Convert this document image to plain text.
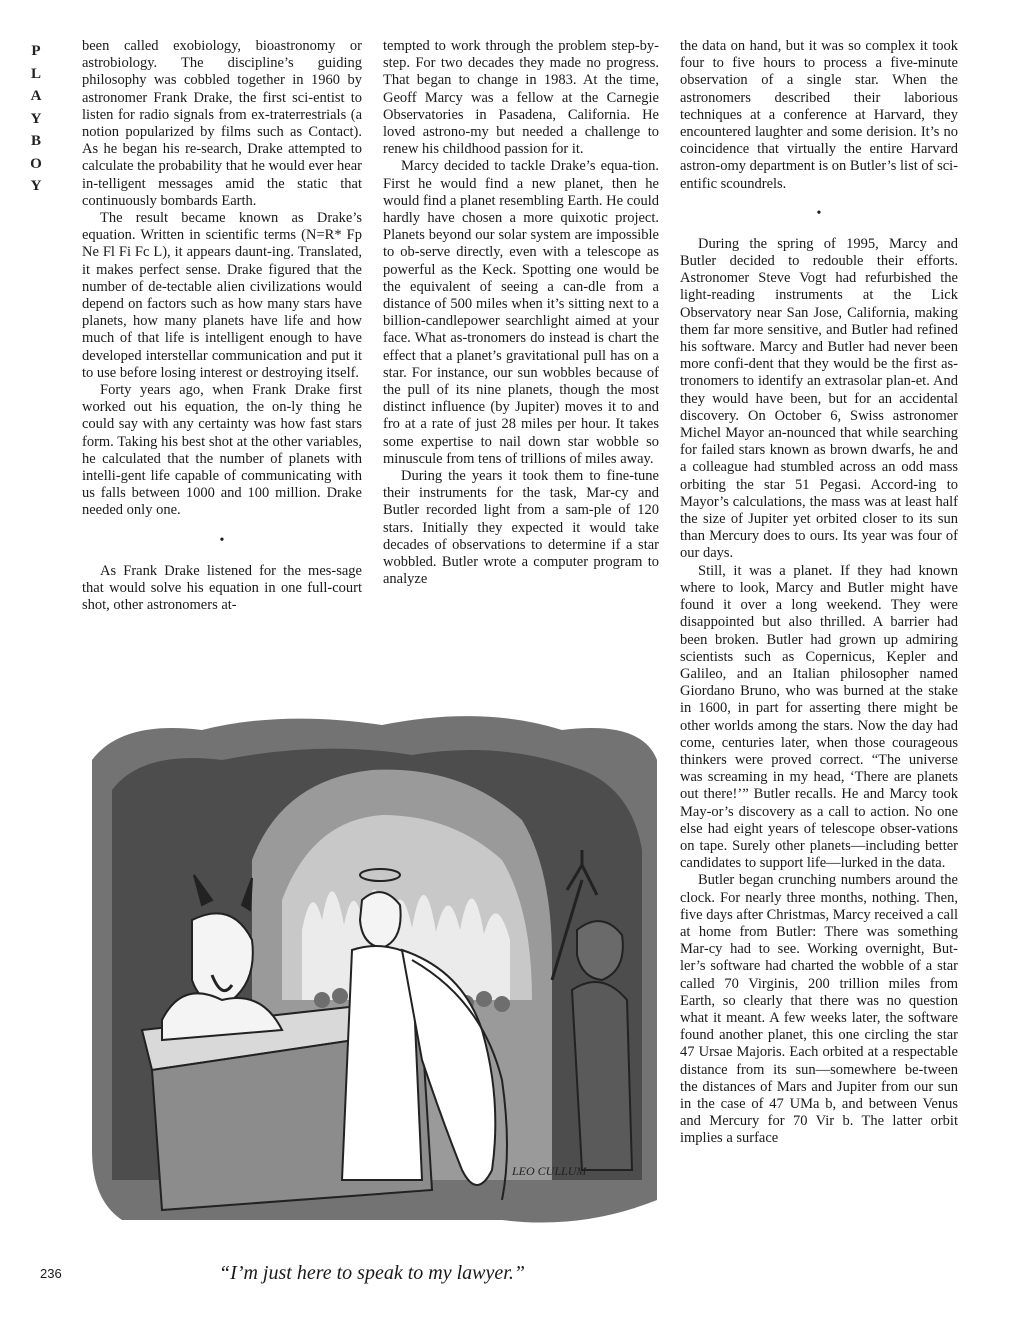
P
L
A
Y
B
O
Y

been called exobiology, bioastronomy or astrobiology. The discipline’s guiding philosophy was cobbled together in 1960 by astronomer Frank Drake, the first sci-entist to listen for radio signals from ex-traterrestrials (a notion popularized by films such as Contact). As he began his re-search, Drake attempted to calculate the probability that he would ever hear in-telligent messages amid the static that continuously bombards Earth.

The result became known as Drake’s equation. Written in scientific terms (N=R* Fp Ne Fl Fi Fc L), it appears daunt-ing. Translated, it makes perfect sense. Drake figured that the number of de-tectable alien civilizations would depend on factors such as how many stars have planets, how many planets have life and how much of that life is intelligent enough to have developed interstellar communication and put it to use before losing interest or destroying itself.

Forty years ago, when Frank Drake first worked out his equation, the on-ly thing he could say with any certainty was how fast stars form. Taking his best shot at the other variables, he calculated that the number of planets with intelli-gent life capable of communicating with us falls between 1000 and 100 million. Drake needed only one.

•

As Frank Drake listened for the mes-sage that would solve his equation in one full-court shot, other astronomers at-

tempted to work through the problem step-by-step. For two decades they made no progress. That began to change in 1983. At the time, Geoff Marcy was a fellow at the Carnegie Observatories in Pasadena, California. He loved astrono-my but needed a challenge to renew his childhood passion for it.

Marcy decided to tackle Drake’s equa-tion. First he would find a new planet, then he would find a planet resembling Earth. He could hardly have chosen a more quixotic project. Planets beyond our solar system are impossible to ob-serve directly, even with a telescope as powerful as the Keck. Spotting one would be the equivalent of seeing a can-dle from a distance of 500 miles when it’s sitting next to a billion-candlepower searchlight aimed at your face. What as-tronomers do instead is chart the effect that a planet’s gravitational pull has on a star. For instance, our sun wobbles because of the pull of its nine planets, though the most distinct influence (by Jupiter) moves it to and fro at a rate of just 28 miles per hour. It takes some expertise to nail down star wobble so minuscule from tens of trillions of miles away.

During the years it took them to fine-tune their instruments for the task, Mar-cy and Butler recorded light from a sam-ple of 120 stars. Initially they expected it would take decades of observations to determine if a star wobbled. Butler wrote a computer program to analyze

the data on hand, but it was so complex it took four to five hours to process a five-minute observation of a single star. When the astronomers described their laborious techniques at a conference at Harvard, they encountered laughter and some derision. It’s no coincidence that virtually the entire Harvard astron-omy department is on Butler’s list of sci-entific scoundrels.

•

During the spring of 1995, Marcy and Butler decided to redouble their efforts. Astronomer Steve Vogt had refurbished the light-reading instruments at the Lick Observatory near San Jose, California, making them far more sensitive, and Butler had refined his software. Marcy and Butler had never been more confi-dent that they would be the first as-tronomers to identify an extrasolar plan-et. And they would have been, but for an accidental discovery. On October 6, Swiss astronomer Michel Mayor an-nounced that while searching for failed stars known as brown dwarfs, he and a colleague had stumbled across an odd mass orbiting the star 51 Pegasi. Accord-ing to Mayor’s calculations, the mass was at least half the size of Jupiter yet orbited closer to its sun than Mercury does to ours. Its year was four of our days.

Still, it was a planet. If they had known where to look, Marcy and Butler might have found it over a long weekend. They were disappointed but also thrilled. A barrier had been broken. Butler had grown up admiring scientists such as Copernicus, Kepler and Galileo, and an Italian philosopher named Giordano Bruno, who was burned at the stake in 1600, in part for asserting there might be other worlds among the stars. Now the day had come, centuries later, when those courageous thinkers were proved correct. “The universe was screaming in my head, ‘There are planets out there!’” Butler recalls. He and Marcy took May-or’s discovery as a call to action. No one else had eight years of telescope obser-vations on tape. Surely other planets—including better candidates to support life—lurked in the data.

Butler began crunching numbers around the clock. For nearly three months, nothing. Then, five days after Christmas, Marcy received a call at home from Butler: There was something Mar-cy had to see. Working overnight, But-ler’s software had charted the wobble of a star called 70 Virginis, 200 trillion miles from Earth, so clearly that there was no question what it meant. A few weeks later, the software found another planet, this one circling the star 47 Ursae Majoris. Each orbited at a respectable distance from its sun—somewhere be-tween the distances of Mars and Jupiter from our sun in the case of 47 UMa b, and between Venus and Mercury for 70 Vir b. The latter orbit implies a surface

LEO CULLUM
“I’m just here to speak to my lawyer.”
236
